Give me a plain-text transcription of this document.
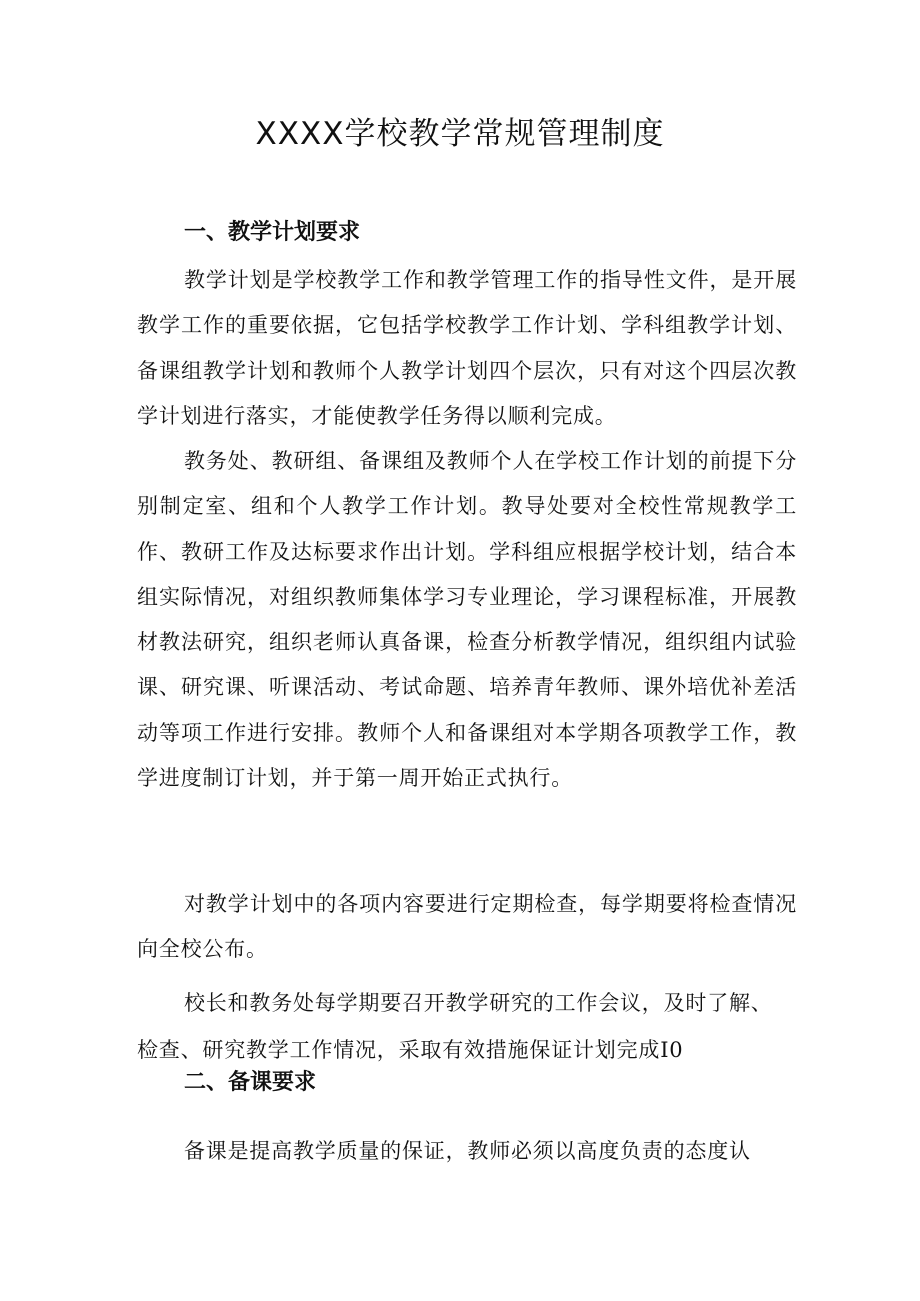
XXXX学校教学常规管理制度
一、教学计划要求

教学计划是学校教学工作和教学管理工作的指导性文件，是开展教学工作的重要依据，它包括学校教学工作计划、学科组教学计划、备课组教学计划和教师个人教学计划四个层次，只有对这个四层次教学计划进行落实，才能使教学任务得以顺利完成。

教务处、教研组、备课组及教师个人在学校工作计划的前提下分别制定室、组和个人教学工作计划。教导处要对全校性常规教学工作、教研工作及达标要求作出计划。学科组应根据学校计划，结合本组实际情况，对组织教师集体学习专业理论，学习课程标准，开展教材教法研究，组织老师认真备课，检查分析教学情况，组织组内试验课、研究课、听课活动、考试命题、培养青年教师、课外培优补差活动等项工作进行安排。教师个人和备课组对本学期各项教学工作，教学进度制订计划，并于第一周开始正式执行。

对教学计划中的各项内容要进行定期检查，每学期要将检查情况向全校公布。

校长和教务处每学期要召开教学研究的工作会议，及时了解、

检查、研究教学工作情况，采取有效措施保证计划完成I0

二、备课要求

备课是提高教学质量的保证，教师必须以高度负责的态度认
